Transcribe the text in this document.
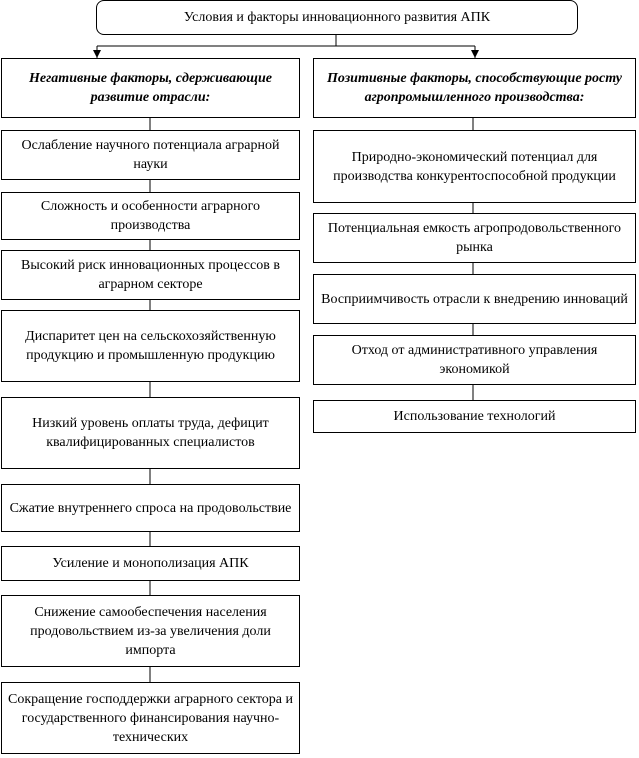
Условия и факторы инновационного развития АПК
Негативные факторы, сдерживающие развитие отрасли:
Позитивные факторы, способствующие росту агропромышленного производства:
Ослабление научного потенциала аграрной науки
Сложность и особенности аграрного производства
Высокий риск инновационных процессов в аграрном секторе
Диспаритет цен на сельскохозяйственную продукцию и промышленную продукцию
Низкий уровень оплаты труда, дефицит квалифицированных специалистов
Сжатие внутреннего спроса на продовольствие
Усиление и монополизация АПК
Снижение самообеспечения населения продовольствием из-за увеличения доли импорта
Сокращение господдержки аграрного сектора и государственного финансирования научно-технических
Природно-экономический потенциал для производства конкурентоспособной продукции
Потенциальная емкость агропродовольственного рынка
Восприимчивость отрасли к внедрению инноваций
Отход от административного управления экономикой
Использование технологий
